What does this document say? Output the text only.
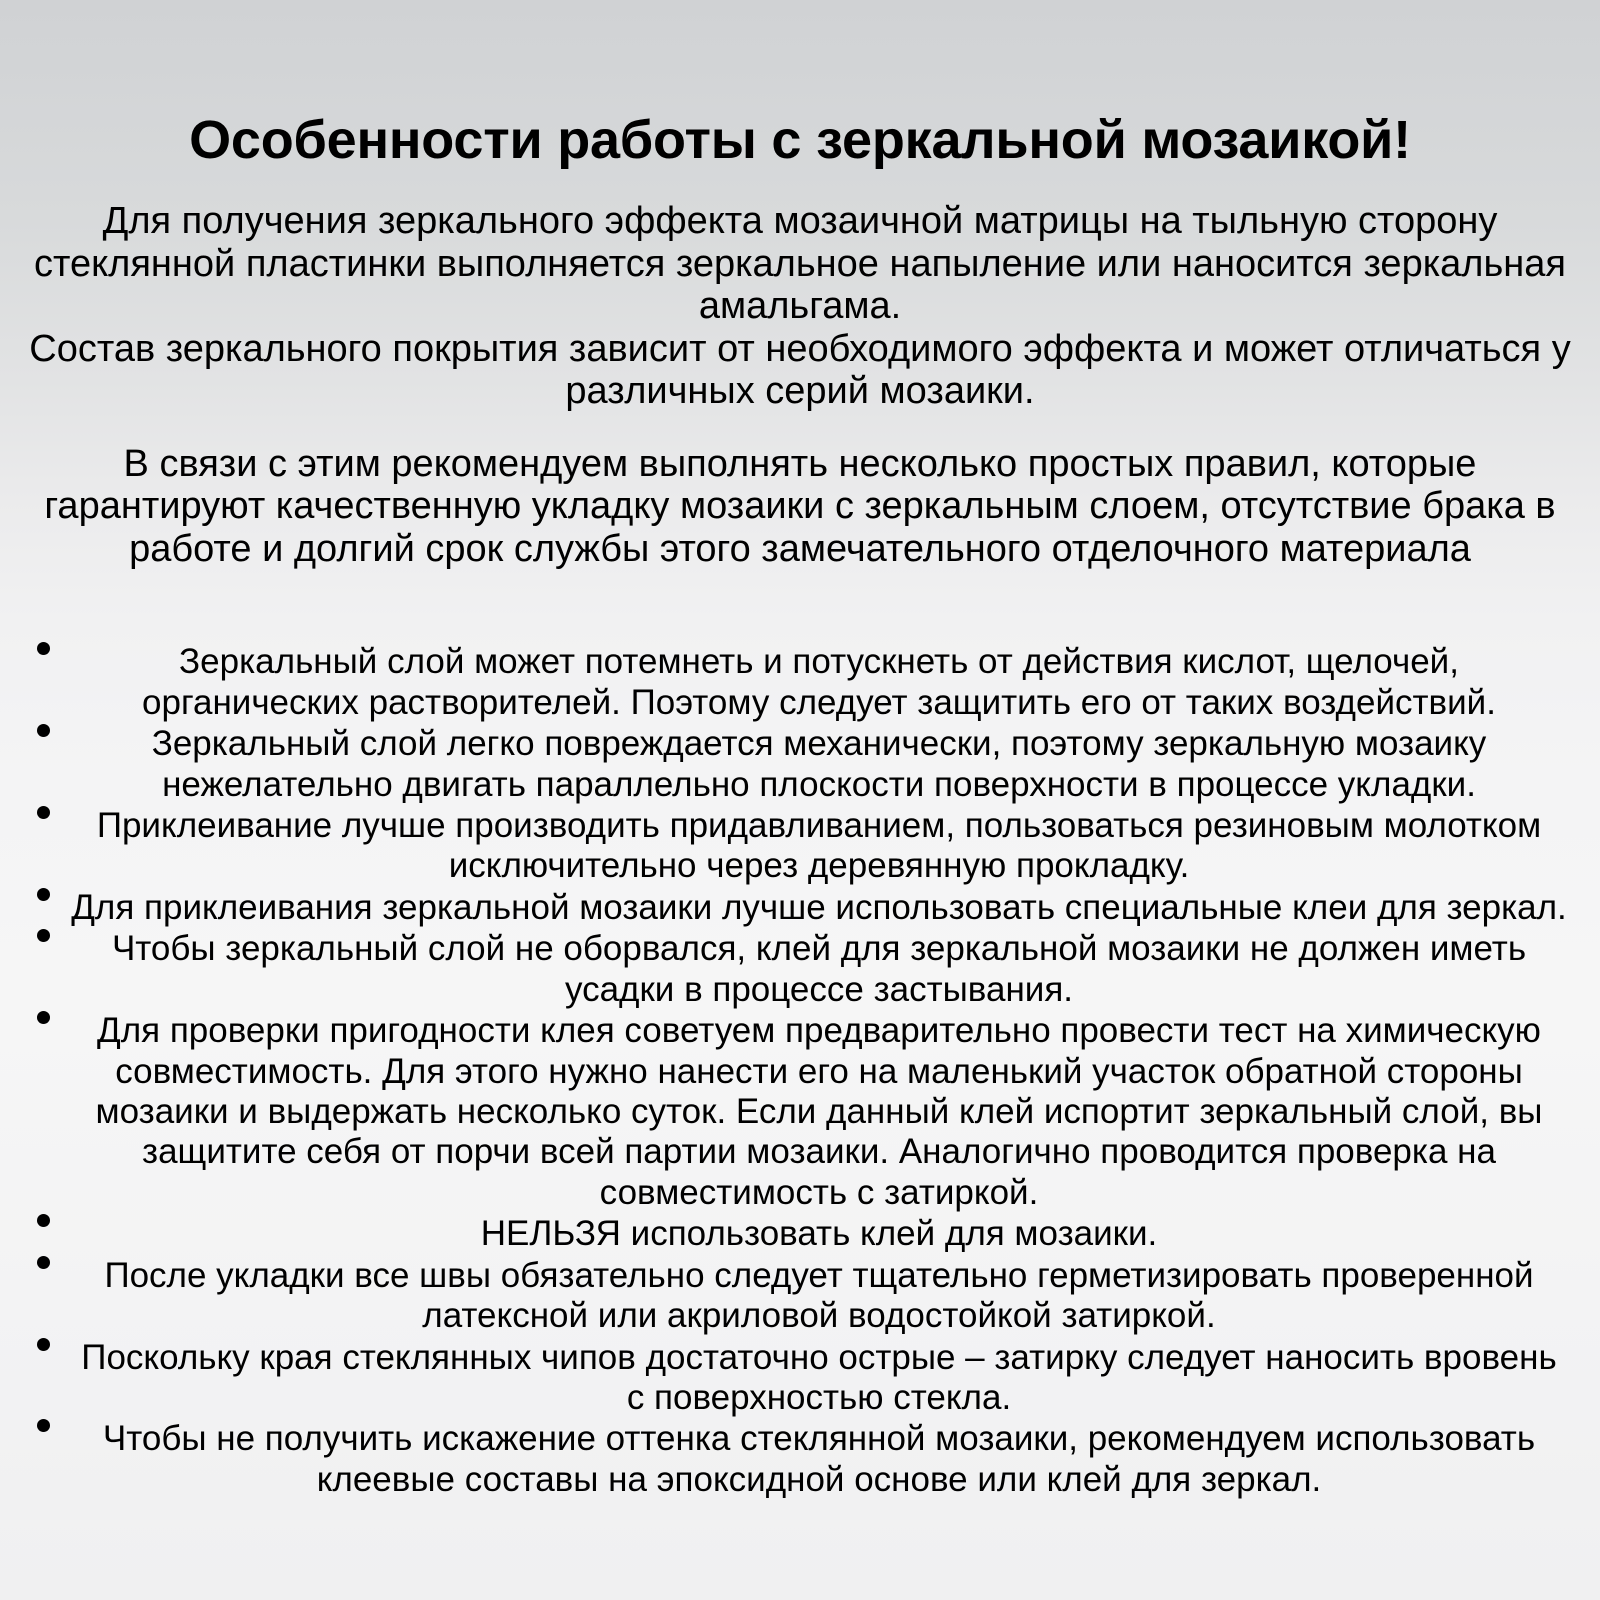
Особенности работы с зеркальной мозаикой!

Для получения зеркального эффекта мозаичной матрицы на тыльную сторону стеклянной пластинки выполняется зеркальное напыление или наносится зеркальная амальгама.
Состав зеркального покрытия зависит от необходимого эффекта и может отличаться у различных серий мозаики.

В связи с этим рекомендуем выполнять несколько простых правил, которые гарантируют качественную укладку мозаики с зеркальным слоем, отсутствие брака в работе и долгий срок службы этого замечательного отделочного материала

Зеркальный слой может потемнеть и потускнеть от действия кислот, щелочей, органических растворителей. Поэтому следует защитить его от таких воздействий.
Зеркальный слой легко повреждается механически, поэтому зеркальную мозаику нежелательно двигать параллельно плоскости поверхности в процессе укладки.
Приклеивание лучше производить придавливанием, пользоваться резиновым молотком исключительно через деревянную прокладку.
Для приклеивания зеркальной мозаики лучше использовать специальные клеи для зеркал.
Чтобы зеркальный слой не оборвался, клей для зеркальной мозаики не должен иметь усадки в процессе застывания.
Для проверки пригодности клея советуем предварительно провести тест на химическую совместимость. Для этого нужно нанести его на маленький участок обратной стороны мозаики и выдержать несколько суток. Если данный клей испортит зеркальный слой, вы защитите себя от порчи всей партии мозаики. Аналогично проводится проверка на совместимость с затиркой.
НЕЛЬЗЯ использовать клей для мозаики.
После укладки все швы обязательно следует тщательно герметизировать проверенной латексной или акриловой водостойкой затиркой.
Поскольку края стеклянных чипов достаточно острые – затирку следует наносить вровень с поверхностью стекла.
Чтобы не получить искажение оттенка стеклянной мозаики, рекомендуем использовать клеевые составы на эпоксидной основе или клей для зеркал.
